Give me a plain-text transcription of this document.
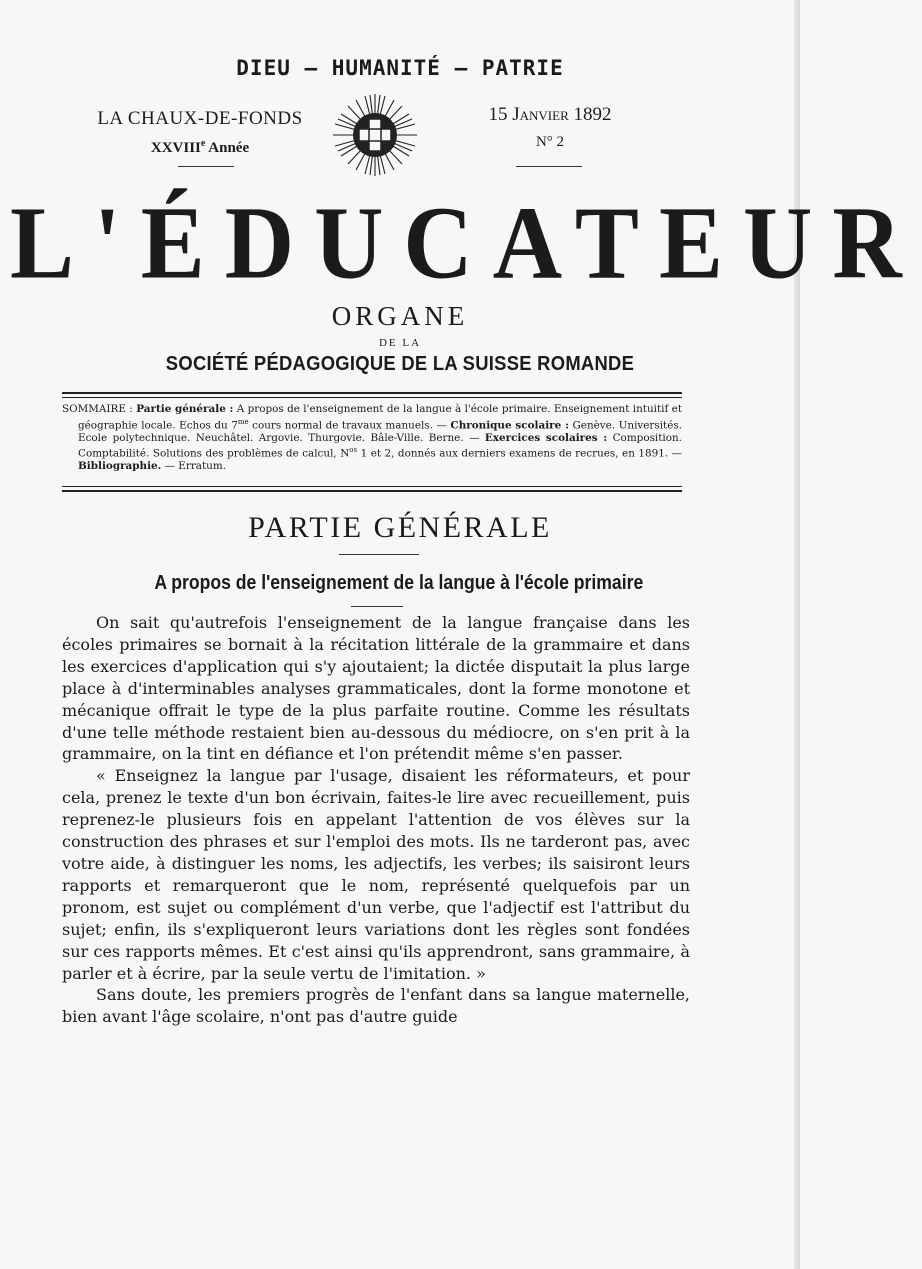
DIEU — HUMANITÉ — PATRIE
LA CHAUX-DE-FONDS
XXVIIIe Année
15 Janvier 1892
N° 2
L'ÉDUCATEUR
ORGANE
DE LA
SOCIÉTÉ PÉDAGOGIQUE DE LA SUISSE ROMANDE
SOMMAIRE : Partie générale : A propos de l'enseignement de la langue à l'école primaire. Enseignement intuitif et géographie locale. Echos du $7^{me}$ cours normal de travaux manuels. — Chronique scolaire : Genève. Universités. Ecole polytechnique. Neuchâtel. Argovie. Thurgovie. Bâle-Ville. Berne. — Exercices scolaires : Composition. Comptabilité. Solutions des problèmes de calcul, $N^{os}$ 1 et 2, donnés aux derniers examens de recrues, en 1891. — Bibliographie. — Erratum.
PARTIE GÉNÉRALE
A propos de l'enseignement de la langue à l'école primaire

On sait qu'autrefois l'enseignement de la langue française dans les écoles primaires se bornait à la récitation littérale de la grammaire et dans les exercices d'application qui s'y ajoutaient; la dictée disputait la plus large place à d'interminables analyses grammaticales, dont la forme monotone et mécanique offrait le type de la plus parfaite routine. Comme les résultats d'une telle méthode restaient bien au-dessous du médiocre, on s'en prit à la grammaire, on la tint en défiance et l'on prétendit même s'en passer.

« Enseignez la langue par l'usage, disaient les réformateurs, et pour cela, prenez le texte d'un bon écrivain, faites-le lire avec recueillement, puis reprenez-le plusieurs fois en appelant l'attention de vos élèves sur la construction des phrases et sur l'emploi des mots. Ils ne tarderont pas, avec votre aide, à distinguer les noms, les adjectifs, les verbes; ils saisiront leurs rapports et remarqueront que le nom, représenté quelquefois par un pronom, est sujet ou complément d'un verbe, que l'adjectif est l'attribut du sujet; enfin, ils s'expliqueront leurs variations dont les règles sont fondées sur ces rapports mêmes. Et c'est ainsi qu'ils apprendront, sans grammaire, à parler et à écrire, par la seule vertu de l'imitation. »

Sans doute, les premiers progrès de l'enfant dans sa langue maternelle, bien avant l'âge scolaire, n'ont pas d'autre guide
